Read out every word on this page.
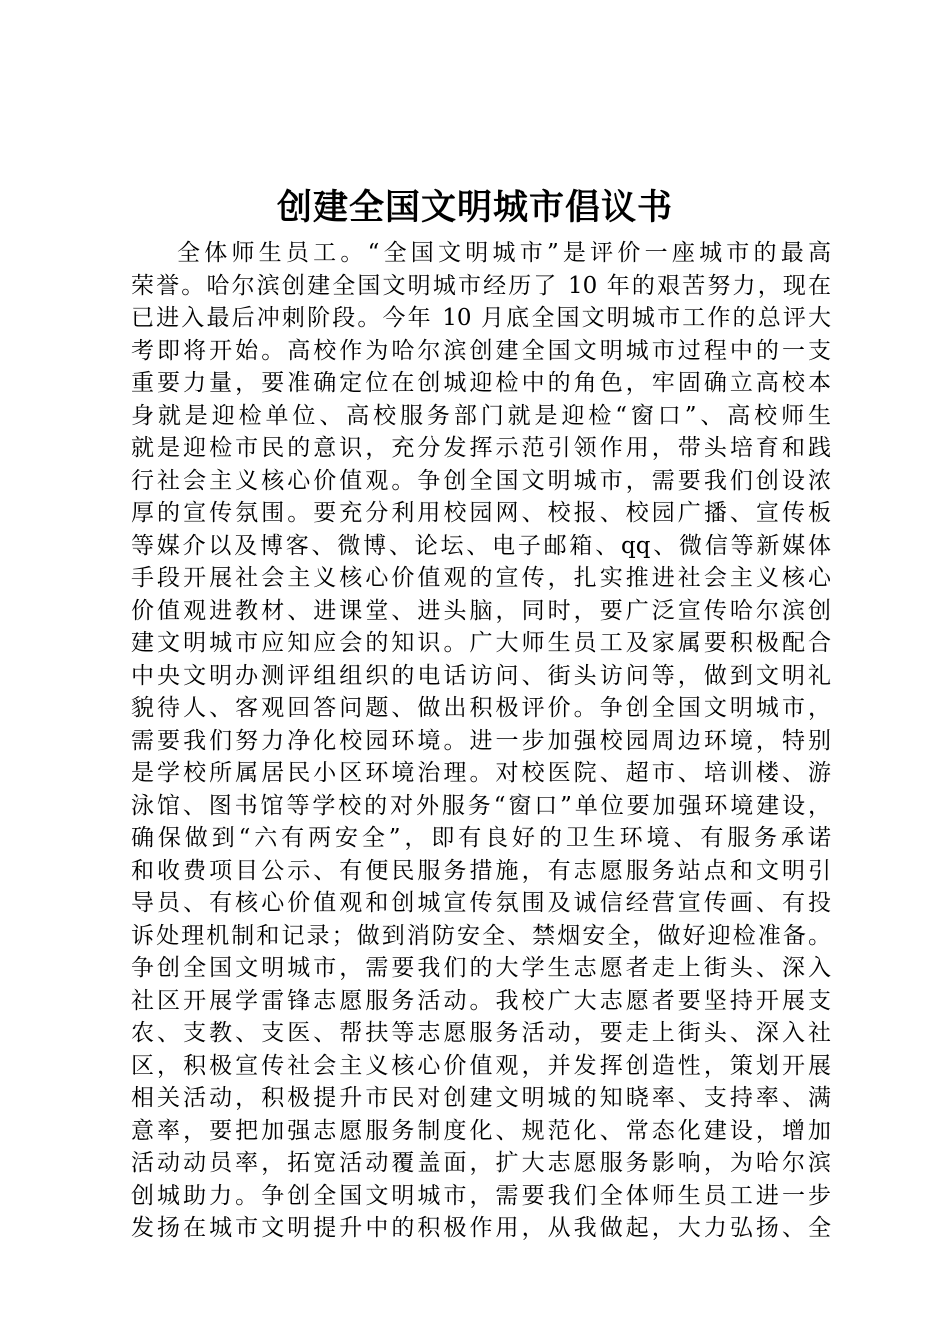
创建全国文明城市倡议书
全体师生员工。“全国文明城市”是评价一座城市的最高
荣誉。哈尔滨创建全国文明城市经历了 10 年的艰苦努力，现在
已进入最后冲刺阶段。今年 10 月底全国文明城市工作的总评大
考即将开始。高校作为哈尔滨创建全国文明城市过程中的一支
重要力量，要准确定位在创城迎检中的角色，牢固确立高校本
身就是迎检单位、高校服务部门就是迎检“窗口”、高校师生
就是迎检市民的意识，充分发挥示范引领作用，带头培育和践
行社会主义核心价值观。争创全国文明城市，需要我们创设浓
厚的宣传氛围。要充分利用校园网、校报、校园广播、宣传板
等媒介以及博客、微博、论坛、电子邮箱、qq、微信等新媒体
手段开展社会主义核心价值观的宣传，扎实推进社会主义核心
价值观进教材、进课堂、进头脑，同时，要广泛宣传哈尔滨创
建文明城市应知应会的知识。广大师生员工及家属要积极配合
中央文明办测评组组织的电话访问、街头访问等，做到文明礼
貌待人、客观回答问题、做出积极评价。争创全国文明城市，
需要我们努力净化校园环境。进一步加强校园周边环境，特别
是学校所属居民小区环境治理。对校医院、超市、培训楼、游
泳馆、图书馆等学校的对外服务“窗口”单位要加强环境建设，
确保做到“六有两安全”，即有良好的卫生环境、有服务承诺
和收费项目公示、有便民服务措施，有志愿服务站点和文明引
导员、有核心价值观和创城宣传氛围及诚信经营宣传画、有投
诉处理机制和记录；做到消防安全、禁烟安全，做好迎检准备。
争创全国文明城市，需要我们的大学生志愿者走上街头、深入
社区开展学雷锋志愿服务活动。我校广大志愿者要坚持开展支
农、支教、支医、帮扶等志愿服务活动，要走上街头、深入社
区，积极宣传社会主义核心价值观，并发挥创造性，策划开展
相关活动，积极提升市民对创建文明城的知晓率、支持率、满
意率，要把加强志愿服务制度化、规范化、常态化建设，增加
活动动员率，拓宽活动覆盖面，扩大志愿服务影响，为哈尔滨
创城助力。争创全国文明城市，需要我们全体师生员工进一步
发扬在城市文明提升中的积极作用，从我做起，大力弘扬、全
